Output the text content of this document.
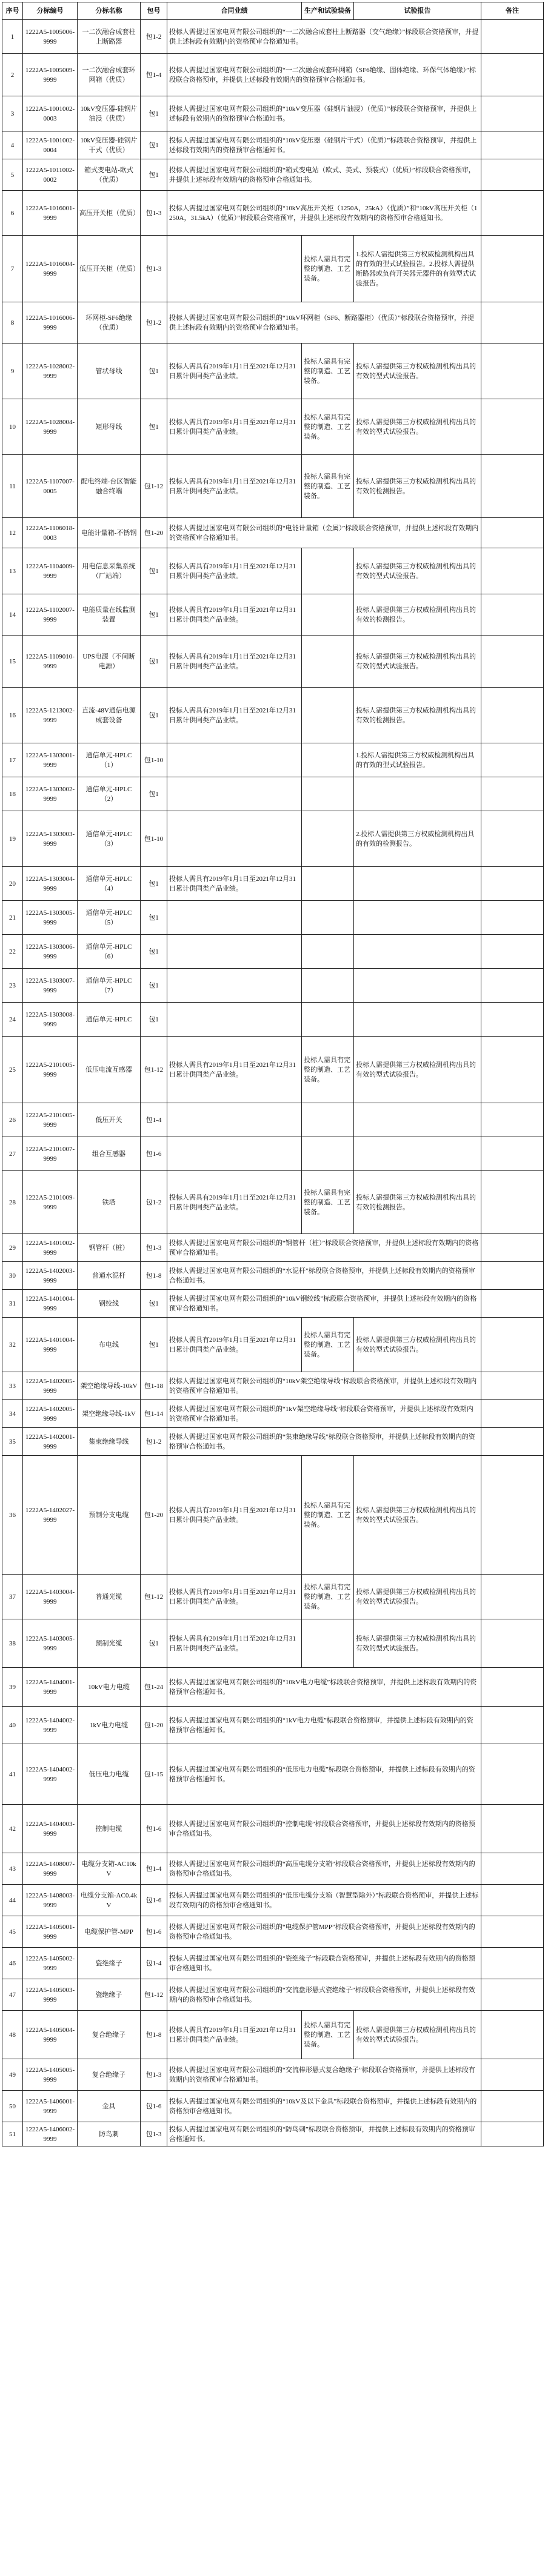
序号	分标编号	分标名称	包号	合同业绩	生产和试验装备	试验报告	备注
1	1222A5-1005006-9999	一二次融合成套柱上断路器	包1-2	投标人需提过国家电网有限公司组织的“一二次融合成套柱上断路器（交气绝缘）”标段联合资格预审，并提供上述标段有效期内的资格预审合格通知书。			
2	1222A5-1005009-9999	一二次融合成套环网箱（优质）	包1-4	投标人需提过国家电网有限公司组织的“一二次融合成套环网箱（SF6绝缘、固体绝缘、环保气体绝缘）”标段联合资格预审，并提供上述标段有效期内的资格预审合格通知书。			
3	1222A5-1001002-0003	10kV变压器-硅钢片油浸（优质）	包1	投标人需提过国家电网有限公司组织的“10kV变压器（硅钢片油浸）（优质）”标段联合资格预审，并提供上述标段有效期内的资格预审合格通知书。			
4	1222A5-1001002-0004	10kV变压器-硅钢片干式（优质）	包1	投标人需提过国家电网有限公司组织的“10kV变压器（硅钢片干式）（优质）”标段联合资格预审，并提供上述标段有效期内的资格预审合格通知书。			
5	1222A5-1011002-0002	箱式变电站-欧式（优质）	包1	投标人需提过国家电网有限公司组织的“箱式变电站（欧式、美式、预装式）（优质）”标段联合资格预审，并提供上述标段有效期内的资格预审合格通知书。			
6	1222A5-1016001-9999	高压开关柜（优质）	包1-3	投标人需提过国家电网有限公司组织的“10kV高压开关柜（1250A，25kA）（优质）”和“10kV高压开关柜（1250A，31.5kA）（优质）”标段联合资格预审，并提供上述标段有效期内的资格预审合格通知书。			
7	1222A5-1016004-9999	低压开关柜（优质）	包1-3		投标人需具有完整的制造、工艺装备。	1.投标人需提供第三方权威检测机构出具的有效的型式试验报告。2.投标人需提供断路器或负荷开关器元器件的有效型式试验报告。	
8	1222A5-1016006-9999	环网柜-SF6绝缘（优质）	包1-2	投标人需提过国家电网有限公司组织的“10kV环网柜（SF6、断路器柜）（优质）”标段联合资格预审，并提供上述标段有效期内的资格预审合格通知书。			
9	1222A5-1028002-9999	管状母线	包1	投标人需具有2019年1月1日至2021年12月31日累计供同类产品业绩。	投标人需具有完整的制造、工艺装备。	投标人需提供第三方权威检测机构出具的有效的型式试验报告。	
10	1222A5-1028004-9999	矩形母线	包1	投标人需具有2019年1月1日至2021年12月31日累计供同类产品业绩。	投标人需具有完整的制造、工艺装备。	投标人需提供第三方权威检测机构出具的有效的型式试验报告。	
11	1222A5-1107007-0005	配电终端-台区智能融合终端	包1-12	投标人需具有2019年1月1日至2021年12月31日累计供同类产品业绩。	投标人需具有完整的制造、工艺装备。	投标人需提供第三方权威检测机构出具的有效的检测报告。	
12	1222A5-1106018-0003	电能计量箱-不锈钢	包1-20	投标人需提过国家电网有限公司组织的“电能计量箱（金属）”标段联合资格预审，并提供上述标段有效期内的资格预审合格通知书。			
13	1222A5-1104009-9999	用电信息采集系统（厂站端）	包1	投标人需具有2019年1月1日至2021年12月31日累计供同类产品业绩。		投标人需提供第三方权威检测机构出具的有效的型式试验报告。	
14	1222A5-1102007-9999	电能质量在线监测装置	包1	投标人需具有2019年1月1日至2021年12月31日累计供同类产品业绩。		投标人需提供第三方权威检测机构出具的有效的检测报告。	
15	1222A5-1109010-9999	UPS电源（不间断电源）	包1	投标人需具有2019年1月1日至2021年12月31日累计供同类产品业绩。		投标人需提供第三方权威检测机构出具的有效的型式试验报告。	
16	1222A5-1213002-9999	直流-48V通信电源成套设备	包1	投标人需具有2019年1月1日至2021年12月31日累计供同类产品业绩。		投标人需提供第三方权威检测机构出具的有效的检测报告。	
17	1222A5-1303001-9999	通信单元-HPLC（1）	包1-10			1.投标人需提供第三方权威检测机构出具的有效的型式试验报告。	
18	1222A5-1303002-9999	通信单元-HPLC（2）	包1				
19	1222A5-1303003-9999	通信单元-HPLC（3）	包1-10			2.投标人需提供第三方权威检测机构出具的有效的检测报告。	
20	1222A5-1303004-9999	通信单元-HPLC（4）	包1	投标人需具有2019年1月1日至2021年12月31日累计供同类产品业绩。			
21	1222A5-1303005-9999	通信单元-HPLC（5）	包1				
22	1222A5-1303006-9999	通信单元-HPLC（6）	包1				
23	1222A5-1303007-9999	通信单元-HPLC（7）	包1				
24	1222A5-1303008-9999	通信单元-HPLC	包1				
25	1222A5-2101005-9999	低压电流互感器	包1-12	投标人需具有2019年1月1日至2021年12月31日累计供同类产品业绩。	投标人需具有完整的制造、工艺装备。	投标人需提供第三方权威检测机构出具的有效的型式试验报告。	
26	1222A5-2101005-9999	低压开关	包1-4				
27	1222A5-2101007-9999	组合互感器	包1-6				
28	1222A5-2101009-9999	铁塔	包1-2	投标人需具有2019年1月1日至2021年12月31日累计供同类产品业绩。	投标人需具有完整的制造、工艺装备。	投标人需提供第三方权威检测机构出具的有效的检测报告。	
29	1222A5-1401002-9999	钢管杆（桩）	包1-3	投标人需提过国家电网有限公司组织的“钢管杆（桩）”标段联合资格预审，并提供上述标段有效期内的资格预审合格通知书。			
30	1222A5-1402003-9999	普通水泥杆	包1-8	投标人需提过国家电网有限公司组织的“水泥杆”标段联合资格预审，并提供上述标段有效期内的资格预审合格通知书。			
31	1222A5-1401004-9999	钢绞线	包1	投标人需提过国家电网有限公司组织的“10kV钢绞线”标段联合资格预审，并提供上述标段有效期内的资格预审合格通知书。			
32	1222A5-1401004-9999	布电线	包1	投标人需具有2019年1月1日至2021年12月31日累计供同类产品业绩。	投标人需具有完整的制造、工艺装备。	投标人需提供第三方权威检测机构出具的有效的型式试验报告。	
33	1222A5-1402005-9999	架空绝缘导线-10kV	包1-18	投标人需提过国家电网有限公司组织的“10kV架空绝缘导线”标段联合资格预审，并提供上述标段有效期内的资格预审合格通知书。			
34	1222A5-1402005-9999	架空绝缘导线-1kV	包1-14	投标人需提过国家电网有限公司组织的“1kV架空绝缘导线”标段联合资格预审，并提供上述标段有效期内的资格预审合格通知书。			
35	1222A5-1402001-9999	集束绝缘导线	包1-2	投标人需提过国家电网有限公司组织的“集束绝缘导线”标段联合资格预审，并提供上述标段有效期内的资格预审合格通知书。			
36	1222A5-1402027-9999	预制分支电缆	包1-20	投标人需具有2019年1月1日至2021年12月31日累计供同类产品业绩。	投标人需具有完整的制造、工艺装备。	投标人需提供第三方权威检测机构出具的有效的型式试验报告。	
37	1222A5-1403004-9999	普通光缆	包1-12	投标人需具有2019年1月1日至2021年12月31日累计供同类产品业绩。	投标人需具有完整的制造、工艺装备。	投标人需提供第三方权威检测机构出具的有效的型式试验报告。	
38	1222A5-1403005-9999	预制光缆	包1	投标人需具有2019年1月1日至2021年12月31日累计供同类产品业绩。		投标人需提供第三方权威检测机构出具的有效的型式试验报告。	
39	1222A5-1404001-9999	10kV电力电缆	包1-24	投标人需提过国家电网有限公司组织的“10kV电力电缆”标段联合资格预审，并提供上述标段有效期内的资格预审合格通知书。			
40	1222A5-1404002-9999	1kV电力电缆	包1-20	投标人需提过国家电网有限公司组织的“1kV电力电缆”标段联合资格预审，并提供上述标段有效期内的资格预审合格通知书。			
41	1222A5-1404002-9999	低压电力电缆	包1-15	投标人需提过国家电网有限公司组织的“低压电力电缆”标段联合资格预审，并提供上述标段有效期内的资格预审合格通知书。			
42	1222A5-1404003-9999	控制电缆	包1-6	投标人需提过国家电网有限公司组织的“控制电缆”标段联合资格预审，并提供上述标段有效期内的资格预审合格通知书。			
43	1222A5-1408007-9999	电缆分支箱-AC10kV	包1-4	投标人需提过国家电网有限公司组织的“高压电缆分支箱”标段联合资格预审，并提供上述标段有效期内的资格预审合格通知书。			
44	1222A5-1408003-9999	电缆分支箱-AC0.4kV	包1-6	投标人需提过国家电网有限公司组织的“低压电缆分支箱（智慧型除外）”标段联合资格预审，并提供上述标段有效期内的资格预审合格通知书。			
45	1222A5-1405001-9999	电缆保护管-MPP	包1-6	投标人需提过国家电网有限公司组织的“电缆保护管MPP”标段联合资格预审，并提供上述标段有效期内的资格预审合格通知书。			
46	1222A5-1405002-9999	瓷绝缘子	包1-4	投标人需提过国家电网有限公司组织的“瓷绝缘子”标段联合资格预审，并提供上述标段有效期内的资格预审合格通知书。			
47	1222A5-1405003-9999	瓷绝缘子	包1-12	投标人需提过国家电网有限公司组织的“交流盘形悬式瓷绝缘子”标段联合资格预审，并提供上述标段有效期内的资格预审合格通知书。			
48	1222A5-1405004-9999	复合绝缘子	包1-8	投标人需具有2019年1月1日至2021年12月31日累计供同类产品业绩。	投标人需具有完整的制造、工艺装备。	投标人需提供第三方权威检测机构出具的有效的型式试验报告。	
49	1222A5-1405005-9999	复合绝缘子	包1-3	投标人需提过国家电网有限公司组织的“交流棒形悬式复合绝缘子”标段联合资格预审，并提供上述标段有效期内的资格预审合格通知书。			
50	1222A5-1406001-9999	金具	包1-6	投标人需提过国家电网有限公司组织的“10kV及以下金具”标段联合资格预审，并提供上述标段有效期内的资格预审合格通知书。			
51	1222A5-1406002-9999	防鸟刺	包1-3	投标人需提过国家电网有限公司组织的“防鸟刺”标段联合资格预审，并提供上述标段有效期内的资格预审合格通知书。			
